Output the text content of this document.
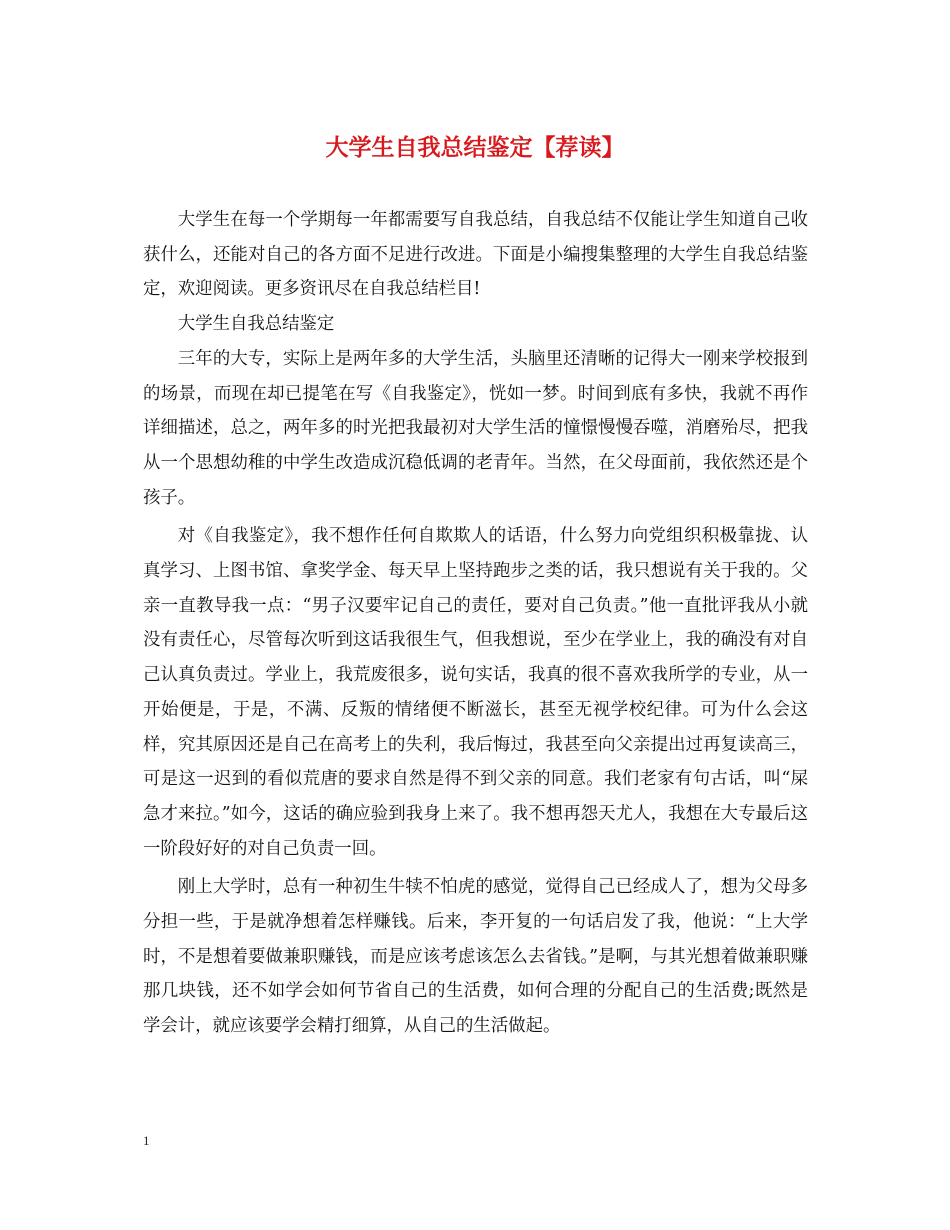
大学生自我总结鉴定【荐读】

大学生在每一个学期每一年都需要写自我总结，自我总结不仅能让学生知道自己收获什么，还能对自己的各方面不足进行改进。下面是小编搜集整理的大学生自我总结鉴定，欢迎阅读。更多资讯尽在自我总结栏目!

大学生自我总结鉴定

三年的大专，实际上是两年多的大学生活，头脑里还清晰的记得大一刚来学校报到的场景，而现在却已提笔在写《自我鉴定》，恍如一梦。时间到底有多快，我就不再作详细描述，总之，两年多的时光把我最初对大学生活的憧憬慢慢吞噬，消磨殆尽，把我从一个思想幼稚的中学生改造成沉稳低调的老青年。当然，在父母面前，我依然还是个孩子。

对《自我鉴定》，我不想作任何自欺欺人的话语，什么努力向党组织积极靠拢、认真学习、上图书馆、拿奖学金、每天早上坚持跑步之类的话，我只想说有关于我的。父亲一直教导我一点：“男子汉要牢记自己的责任，要对自己负责。”他一直批评我从小就没有责任心，尽管每次听到这话我很生气，但我想说，至少在学业上，我的确没有对自己认真负责过。学业上，我荒废很多，说句实话，我真的很不喜欢我所学的专业，从一开始便是，于是，不满、反叛的情绪便不断滋长，甚至无视学校纪律。可为什么会这样，究其原因还是自己在高考上的失利，我后悔过，我甚至向父亲提出过再复读高三，可是这一迟到的看似荒唐的要求自然是得不到父亲的同意。我们老家有句古话，叫“屎急才来拉。”如今，这话的确应验到我身上来了。我不想再怨天尤人，我想在大专最后这一阶段好好的对自己负责一回。

刚上大学时，总有一种初生牛犊不怕虎的感觉，觉得自己已经成人了，想为父母多分担一些，于是就净想着怎样赚钱。后来，李开复的一句话启发了我，他说：“上大学时，不是想着要做兼职赚钱，而是应该考虑该怎么去省钱。”是啊，与其光想着做兼职赚那几块钱，还不如学会如何节省自己的生活费，如何合理的分配自己的生活费;既然是学会计，就应该要学会精打细算，从自己的生活做起。

1
